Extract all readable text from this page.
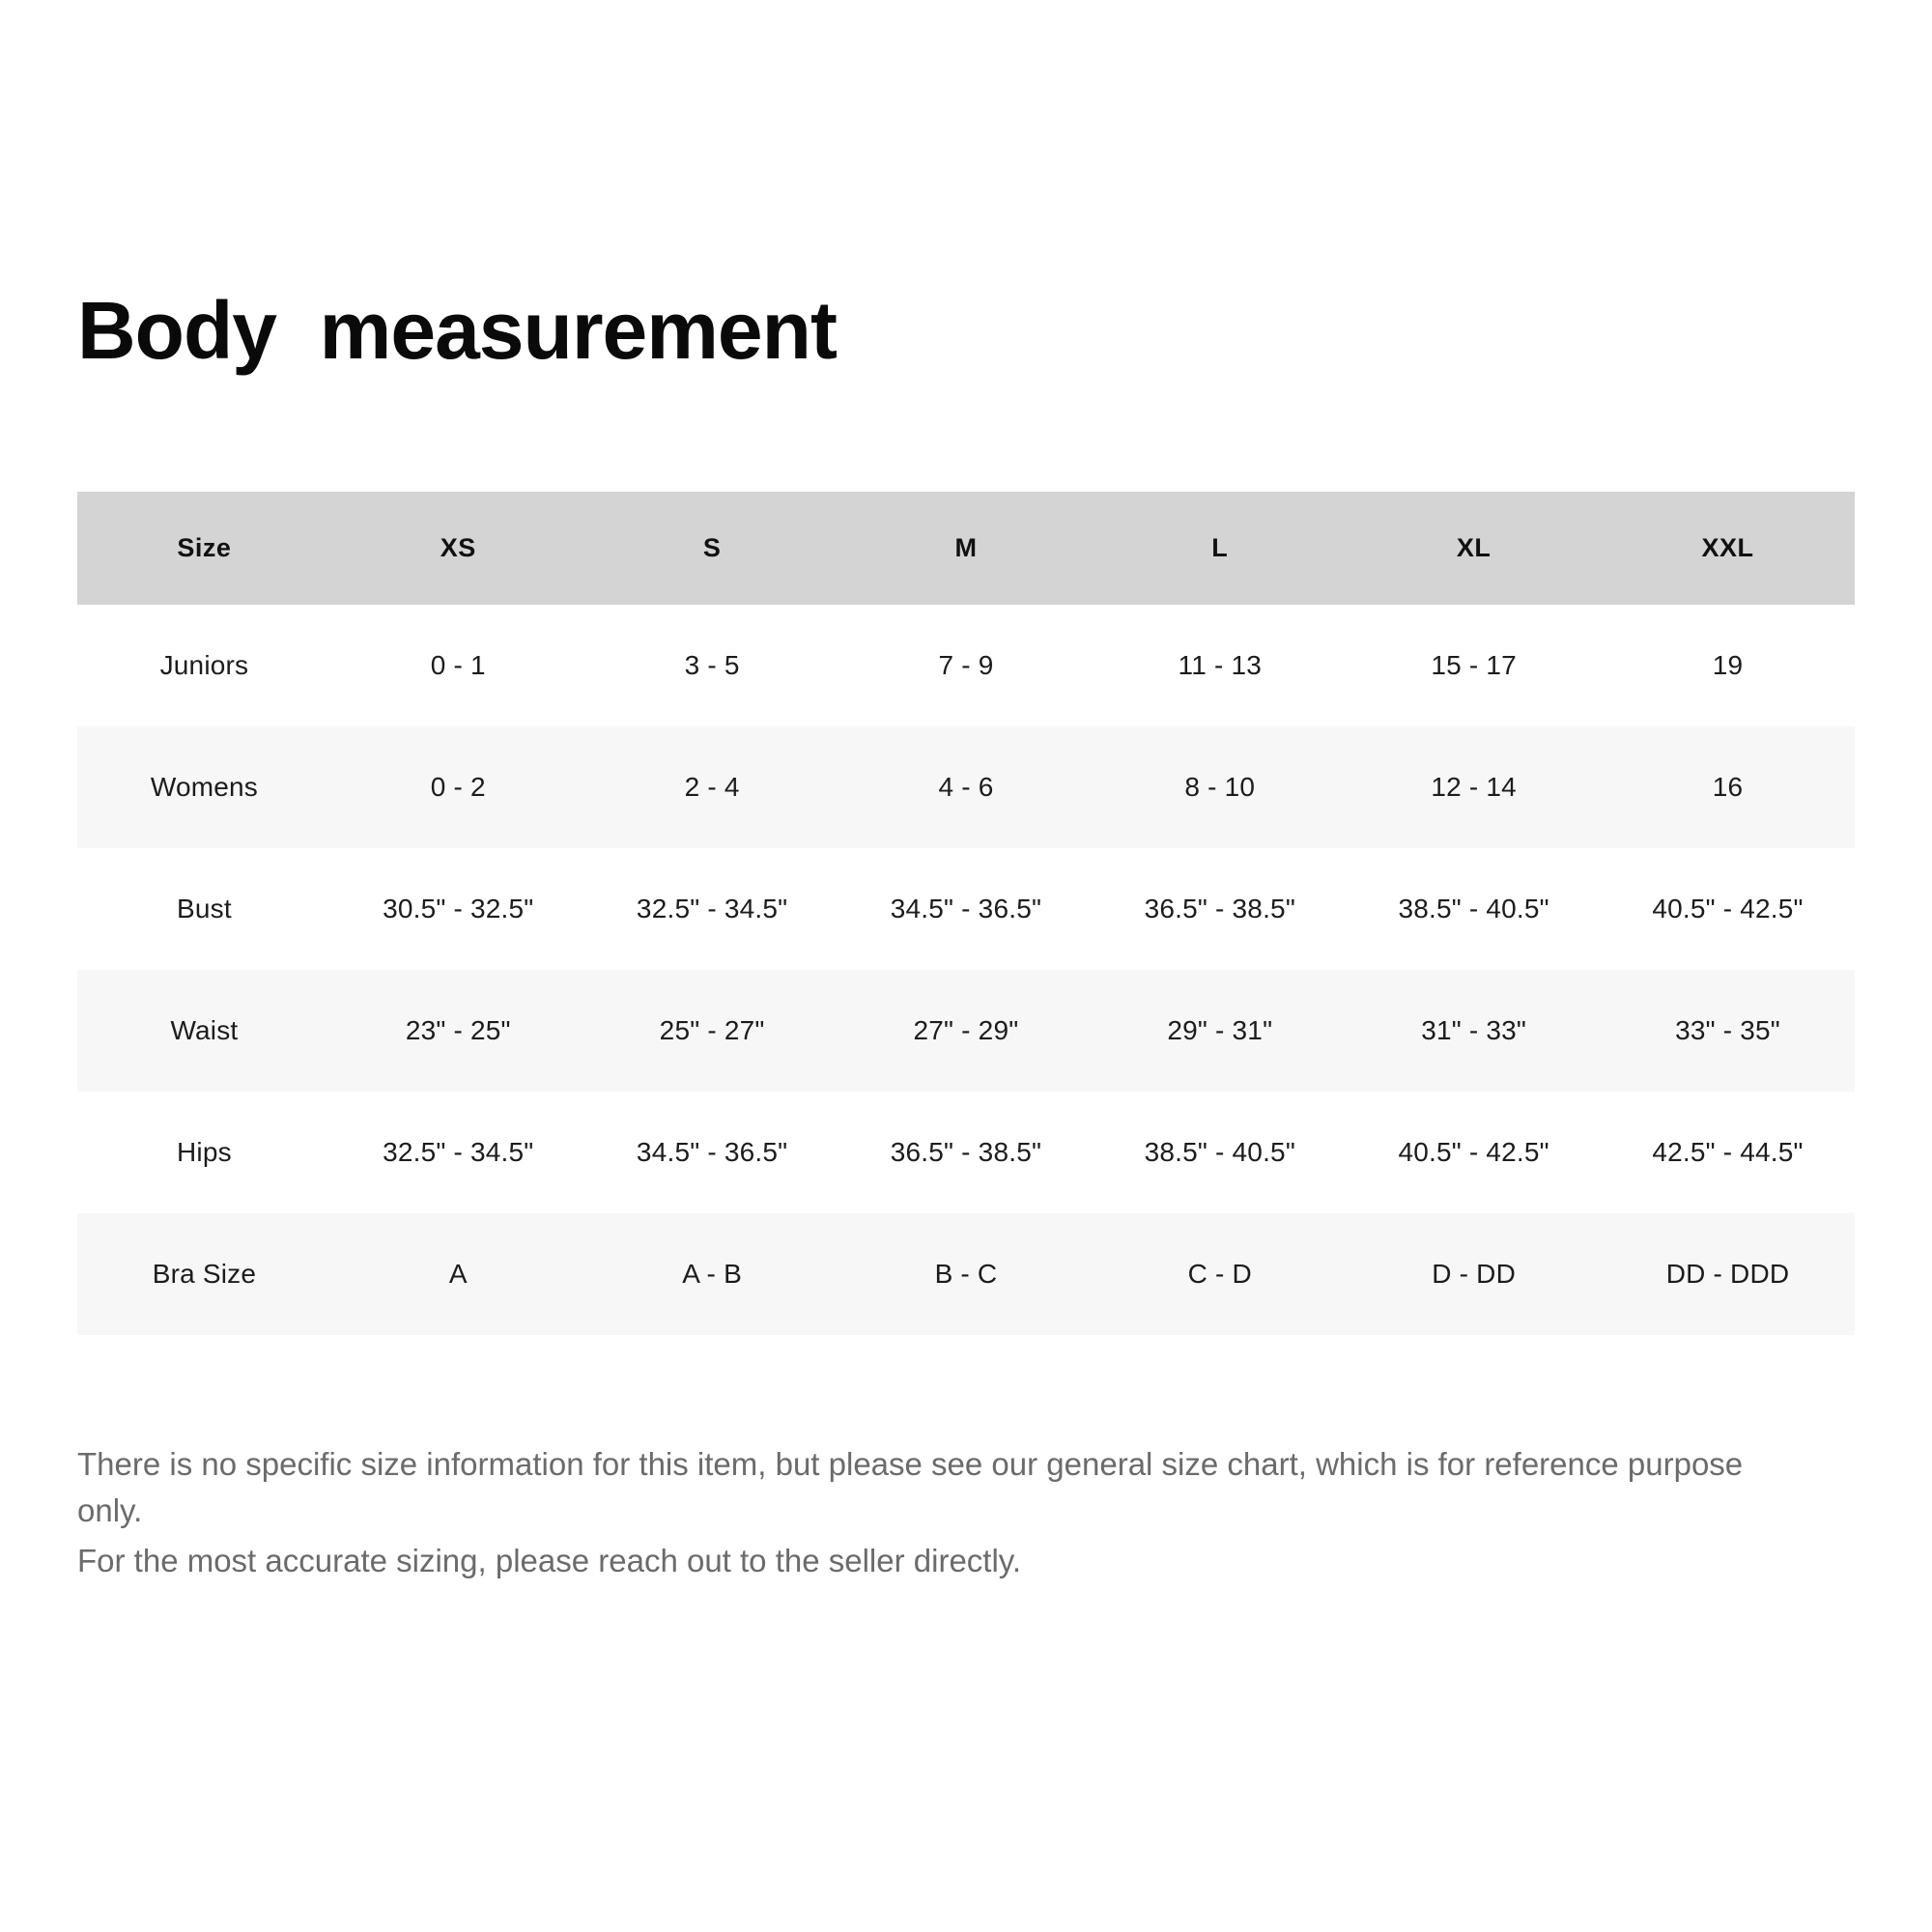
Body  measurement
Size	XS	S	M	L	XL	XXL
Juniors	0 - 1	3 - 5	7 - 9	11 - 13	15 - 17	19
Womens	0 - 2	2 - 4	4 - 6	8 - 10	12 - 14	16
Bust	30.5" - 32.5"	32.5" - 34.5"	34.5" - 36.5"	36.5" - 38.5"	38.5" - 40.5"	40.5" - 42.5"
Waist	23" - 25"	25" - 27"	27" - 29"	29" - 31"	31" - 33"	33" - 35"
Hips	32.5" - 34.5"	34.5" - 36.5"	36.5" - 38.5"	38.5" - 40.5"	40.5" - 42.5"	42.5" - 44.5"
Bra Size	A	A - B	B - C	C - D	D - DD	DD - DDD

There is no specific size information for this item, but please see our general size chart, which is for reference purpose only.

For the most accurate sizing, please reach out to the seller directly.
